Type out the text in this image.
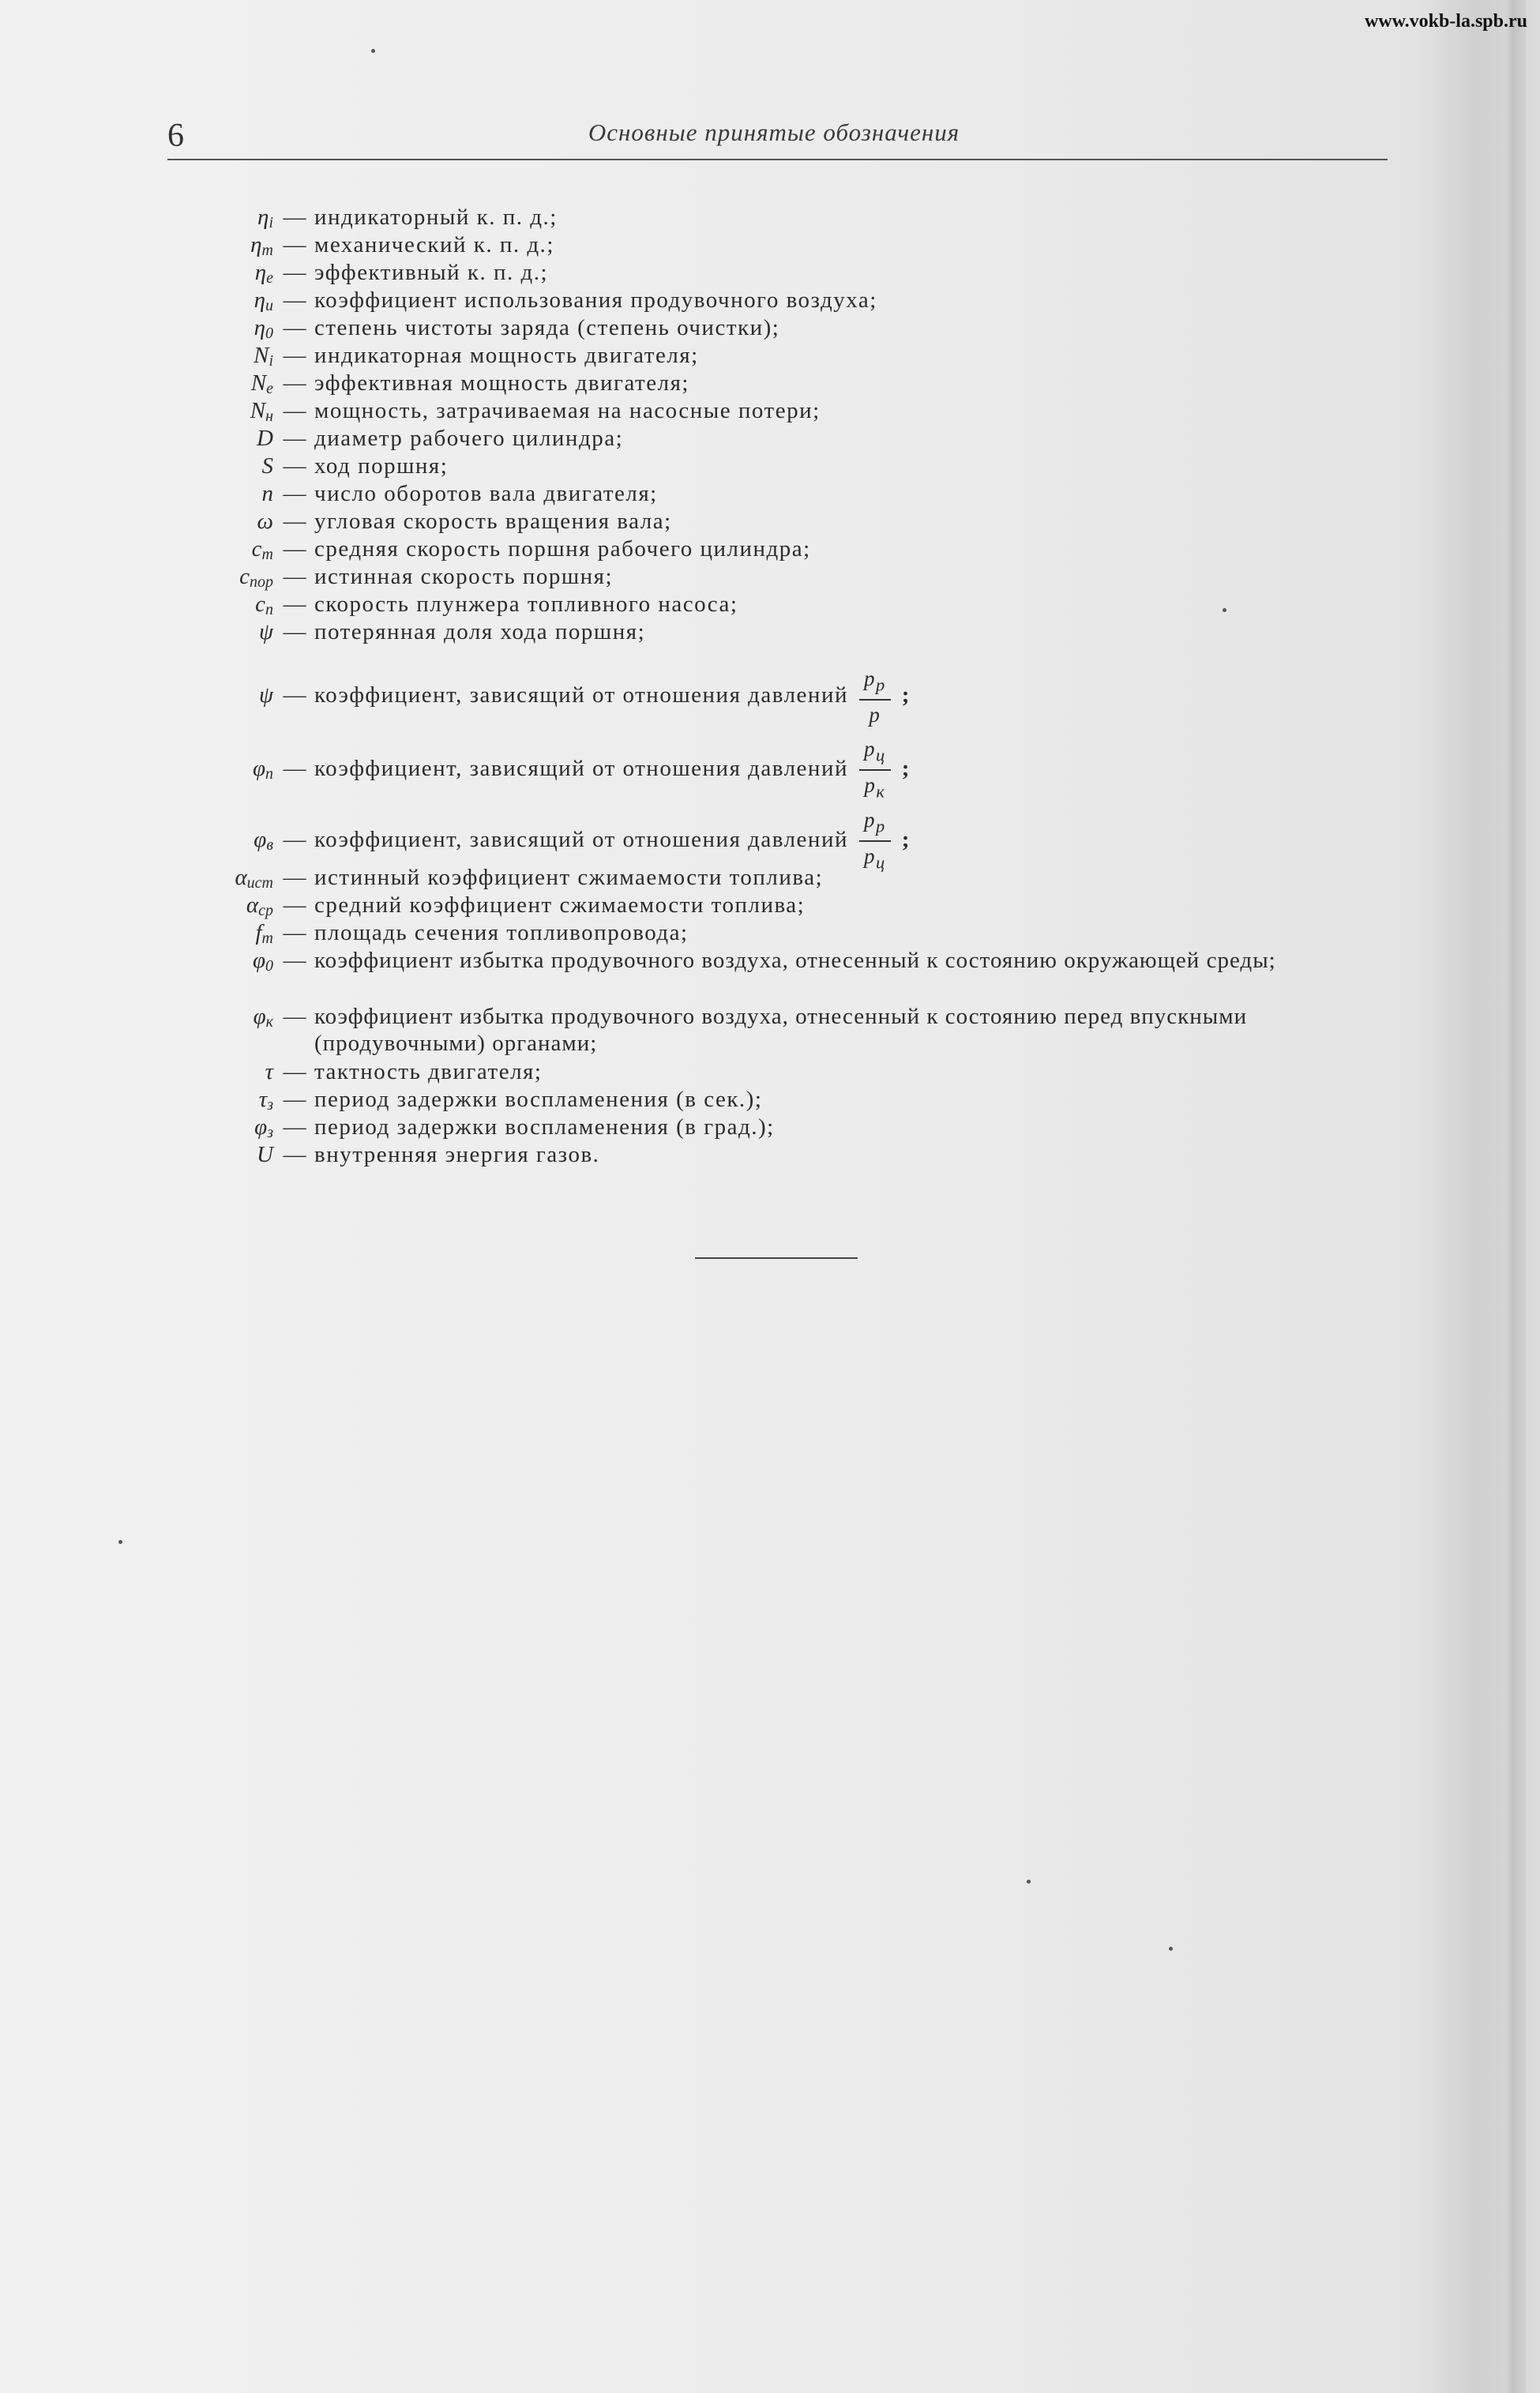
www.vokb-la.spb.ru
6	Основные принятые обозначения
$\eta_i$ — индикаторный к. п. д.;
$\eta_m$ — механический к. п. д.;
$\eta_e$ — эффективный к. п. д.;
$\eta_и$ — коэффициент использования продувочного воздуха;
$\eta_0$ — степень чистоты заряда (степень очистки);
$N_i$ — индикаторная мощность двигателя;
$N_e$ — эффективная мощность двигателя;
$N_н$ — мощность, затрачиваемая на насосные потери;
D — диаметр рабочего цилиндра;
S — ход поршня;
n — число оборотов вала двигателя;
ω — угловая скорость вращения вала;
$c_m$ — средняя скорость поршня рабочего цилиндра;
$c_{пор}$ — истинная скорость поршня;
$c_п$ — скорость плунжера топливного насоса;
ψ — потерянная доля хода поршня;
ψ — коэффициент, зависящий от отношения давлений $\frac{p_p}{p}$ ;
$\varphi_п$ — коэффициент, зависящий от отношения давлений $\frac{p_ц}{p_к}$ ;
$\varphi_в$ — коэффициент, зависящий от отношения давлений $\frac{p_p}{p_ц}$ ;
$\alpha_{ист}$ — истинный коэффициент сжимаемости топлива;
$\alpha_{ср}$ — средний коэффициент сжимаемости топлива;
$f_т$ — площадь сечения топливопровода;
$\varphi_0$ — коэффициент избытка продувочного воздуха, отнесенный к состоянию окружающей среды;
$\varphi_к$ — коэффициент избытка продувочного воздуха, отнесенный к состоянию перед впускными (продувочными) органами;
τ — тактность двигателя;
$\tau_з$ — период задержки воспламенения (в сек.);
$\varphi_з$ — период задержки воспламенения (в град.);
U — внутренняя энергия газов.
